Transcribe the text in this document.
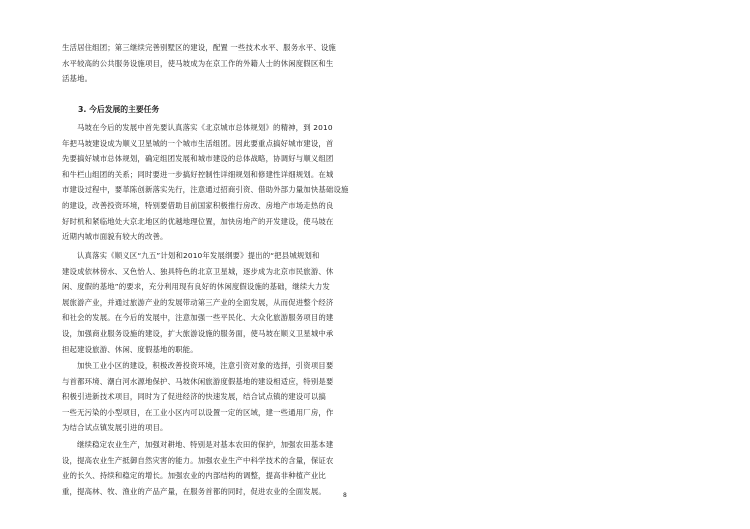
生活居住组团；第三继续完善别墅区的建设，配置 一些技术水平、服务水平、设施
水平较高的公共服务设施项目，使马坡成为在京工作的外籍人士的休闲度假区和生
活基地。
3. 今后发展的主要任务
马坡在今后的发展中首先要认真落实《北京城市总体规划》的精神，到 2010
年把马坡建设成为顺义卫星城的一个城市生活组团。因此要重点搞好城市建设，首
先要搞好城市总体规划，确定组团发展和城市建设的总体战略，协调好与顺义组团
和牛栏山组团的关系；同时要进一步搞好控制性详细规划和修建性详细规划。在城
市建设过程中，要革陈创新落实先行，注意通过招商引资、借助外部力量加快基础设施
的建设，改善投资环境，特别要借助目前国家积极推行房改、房地产市场走热的良
好时机和紧临地处大京北地区的优越地理位置，加快房地产的开发建设，使马坡在
近期内城市面貌有较大的改善。
认真落实《顺义区“九五”计划和2010年发展纲要》提出的“把县城规划和
建设成依林傍水、又色怡人、独具特色的北京卫星城，逐步成为北京市民旅游、休
闲、度假的基地”的要求，充分利用现有良好的休闲度假设施的基础，继续大力发
展旅游产业，并通过旅游产业的发展带动第三产业的全面发展，从而促进整个经济
和社会的发展。在今后的发展中，注意加强一些平民化、大众化旅游服务项目的建
设，加强商业服务设施的建设，扩大旅游设施的服务面，使马坡在顺义卫星城中承
担起建设旅游、休闲、度假基地的职能。
加快工业小区的建设，积极改善投资环境，注意引资对象的选择，引资项目要
与首都环境、潮白河水源地保护、马坡休闲旅游度假基地的建设相适应，特别是要
积极引进新技术项目，同时为了促进经济的快速发展，结合试点镇的建设可以搞
一些无污染的小型项目，在工业小区内可以设置一定的区域，建一些通用厂房，作
为结合试点镇发展引进的项目。
继续稳定农业生产，加强对耕地、特别是对基本农田的保护，加强农田基本建
设，提高农业生产抵御自然灾害的能力。加强农业生产中科学技术的含量，保证农
业的长久、持续和稳定的增长。加强农业的内部结构的调整，提高非种植产业比
重，提高林、牧、渔业的产品产量，在服务首都的同时，促进农业的全面发展。	8
